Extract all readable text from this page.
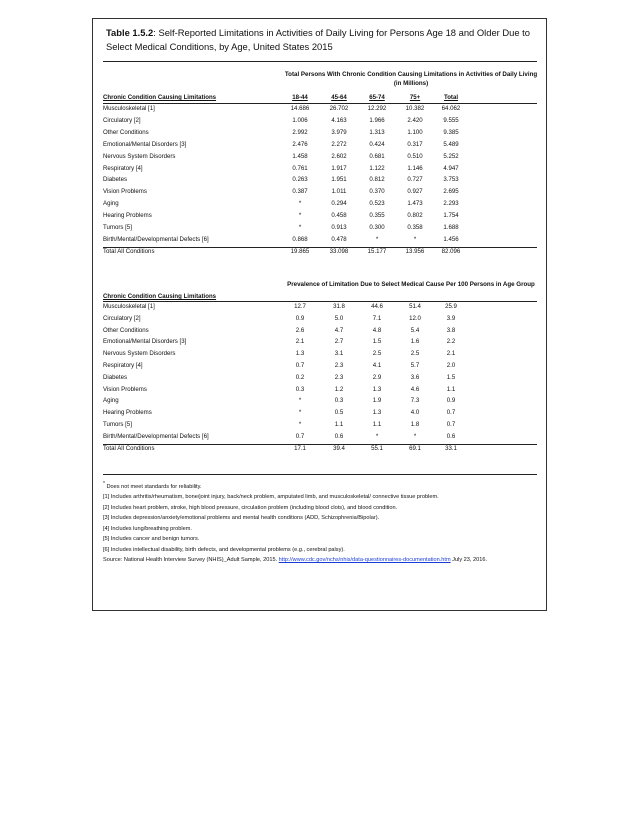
Table 1.5.2: Self-Reported Limitations in Activities of Daily Living for Persons Age 18 and Older Due to Select Medical Conditions, by Age, United States 2015
Total Persons With Chronic Condition Causing Limitations in Activities of Daily Living (in Millions)
Chronic Condition Causing Limitations	18-44	45-64	65-74	75+	Total
Musculoskeletal [1]	14.686	26.702	12.292	10.382	64.062
Circulatory [2]	1.006	4.163	1.966	2.420	9.555
Other Conditions	2.992	3.979	1.313	1.100	9.385
Emotional/Mental Disorders [3]	2.476	2.272	0.424	0.317	5.489
Nervous System Disorders	1.458	2.602	0.681	0.510	5.252
Respiratory [4]	0.761	1.917	1.122	1.146	4.947
Diabetes	0.263	1.951	0.812	0.727	3.753
Vision Problems	0.387	1.011	0.370	0.927	2.695
Aging	*	0.294	0.523	1.473	2.293
Hearing Problems	*	0.458	0.355	0.802	1.754
Tumors [5]	*	0.913	0.300	0.358	1.688
Birth/Mental/Developmental Defects [6]	0.868	0.478	*	*	1.456
Total All Conditions	19.865	33.098	15.177	13.956	82.096
Prevalence of Limitation Due to Select Medical Cause Per 100 Persons in Age Group
Chronic Condition Causing Limitations
Musculoskeletal [1]	12.7	31.8	44.6	51.4	25.9
Circulatory [2]	0.9	5.0	7.1	12.0	3.9
Other Conditions	2.6	4.7	4.8	5.4	3.8
Emotional/Mental Disorders [3]	2.1	2.7	1.5	1.6	2.2
Nervous System Disorders	1.3	3.1	2.5	2.5	2.1
Respiratory [4]	0.7	2.3	4.1	5.7	2.0
Diabetes	0.2	2.3	2.9	3.6	1.5
Vision Problems	0.3	1.2	1.3	4.6	1.1
Aging	*	0.3	1.9	7.3	0.9
Hearing Problems	*	0.5	1.3	4.0	0.7
Tumors [5]	*	1.1	1.1	1.8	0.7
Birth/Mental/Developmental Defects [6]	0.7	0.6	*	*	0.6
Total All Conditions	17.1	39.4	55.1	69.1	33.1

* Does not meet standards for reliability.

[1] Includes arthritis/rheumatism, bone/joint injury, back/neck problem, amputated limb, and musculoskeletal/ connective tissue problem.

[2] Includes heart problem, stroke, high blood pressure, circulation problem (including blood clots), and blood condition.

[3] Includes depression/anxiety/emotional problems and mental health conditions (ADD, Schizophrenia/Bipolar).

[4] Includes lung/breathing problem.

[5] Includes cancer and benign tumors.

[6] Includes intellectual disability, birth defects, and developmental problems (e.g., cerebral palsy).

Source: National Health Interview Survey (NHIS)_Adult Sample, 2015. http://www.cdc.gov/nchs/nhis/data-questionnaires-documentation.htm July 23, 2016.
